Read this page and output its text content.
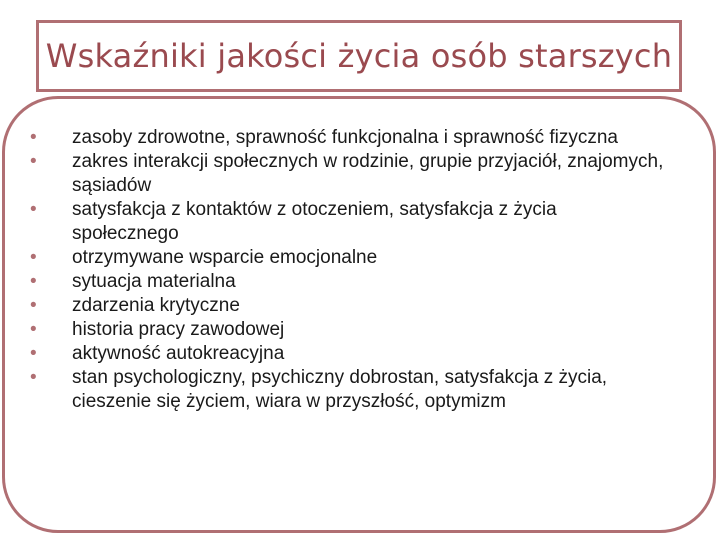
Wskaźniki jakości życia osób starszych
• zasoby zdrowotne, sprawność funkcjonalna i sprawność fizyczna
• zakres interakcji społecznych w rodzinie, grupie przyjaciół, znajomych, sąsiadów
• satysfakcja z kontaktów z otoczeniem, satysfakcja z życia społecznego
• otrzymywane wsparcie emocjonalne
• sytuacja materialna
• zdarzenia krytyczne
• historia pracy zawodowej
• aktywność autokreacyjna
• stan psychologiczny, psychiczny dobrostan, satysfakcja z życia, cieszenie się życiem, wiara w przyszłość, optymizm
